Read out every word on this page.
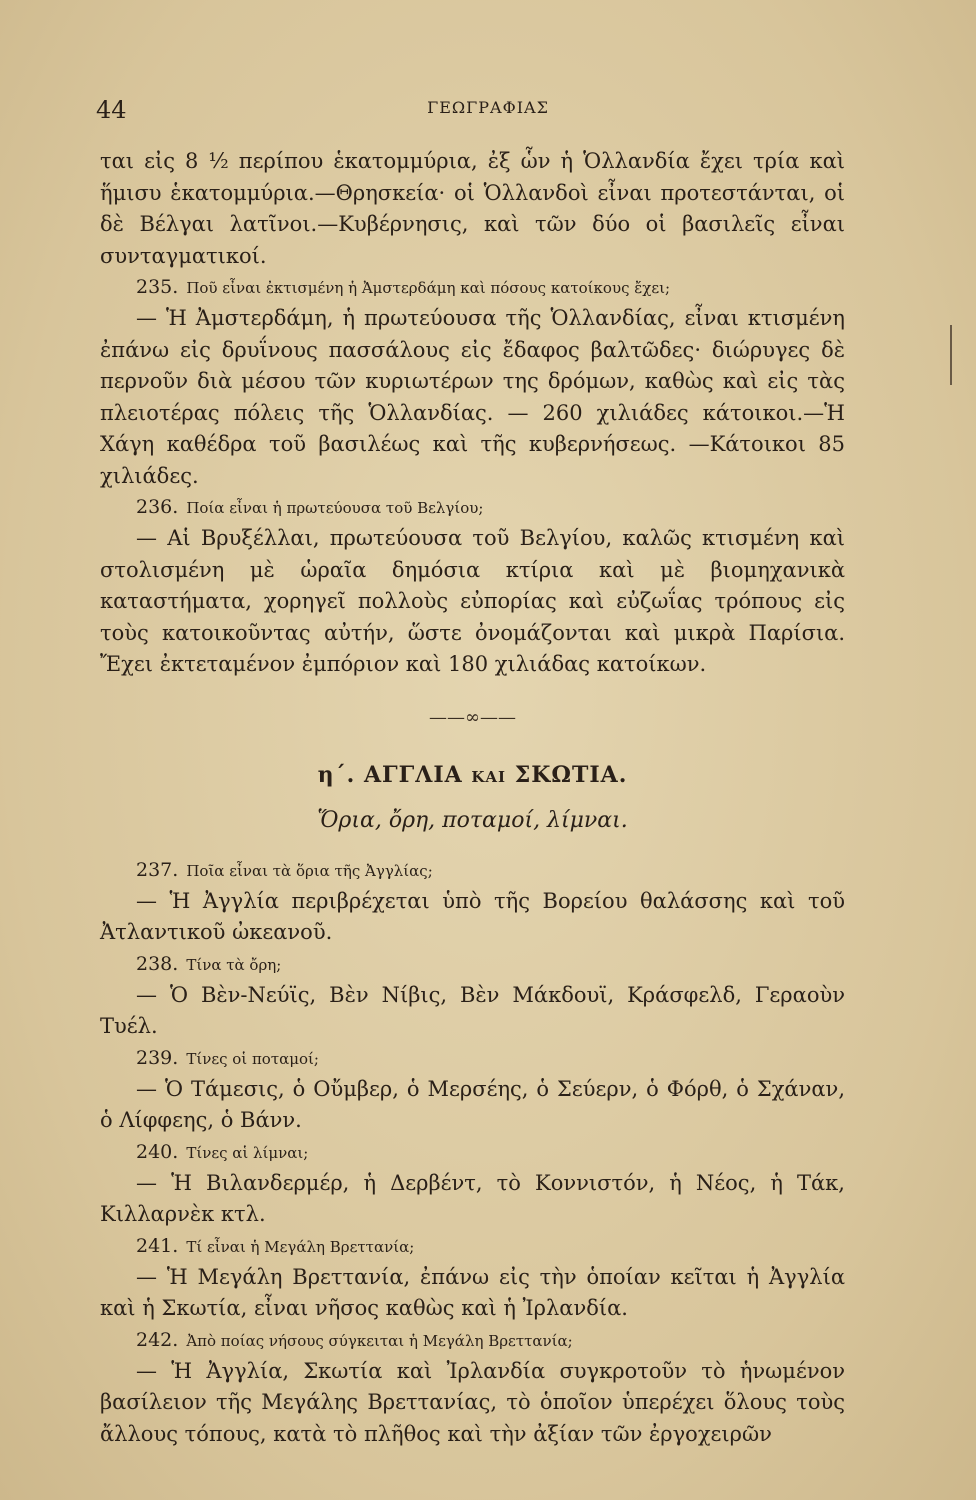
44	ΓΕΩΓΡΑΦΙΑΣ

ται εἰς 8 ½ περίπου ἑκατομμύρια, ἐξ ὧν ἡ Ὁλλανδία ἔχει τρία καὶ ἥμισυ ἑκατομμύρια.—Θρησκεία· οἱ Ὁλλανδοὶ εἶναι προτεστάνται, οἱ δὲ Βέλγαι λατῖνοι.—Κυβέρνησις, καὶ τῶν δύο οἱ βασιλεῖς εἶναι συνταγματικοί.

235. Ποῦ εἶναι ἐκτισμένη ἡ Ἀμστερδάμη καὶ πόσους κατοίκους ἔχει;

— Ἡ Ἀμστερδάμη, ἡ πρωτεύουσα τῆς Ὁλλανδίας, εἶναι κτισμένη ἐπάνω εἰς δρυΐνους πασσάλους εἰς ἔδαφος βαλτῶδες· διώρυγες δὲ περνοῦν διὰ μέσου τῶν κυριωτέρων της δρόμων, καθὼς καὶ εἰς τὰς πλειοτέρας πόλεις τῆς Ὁλλανδίας. — 260 χιλιάδες κάτοικοι.—Ἡ Χάγη καθέδρα τοῦ βασιλέως καὶ τῆς κυβερνήσεως. —Κάτοικοι 85 χιλιάδες.

236. Ποία εἶναι ἡ πρωτεύουσα τοῦ Βελγίου;

— Αἱ Βρυξέλλαι, πρωτεύουσα τοῦ Βελγίου, καλῶς κτισμένη καὶ στολισμένη μὲ ὡραῖα δημόσια κτίρια καὶ μὲ βιομηχανικὰ καταστήματα, χορηγεῖ πολλοὺς εὐπορίας καὶ εὐζωΐας τρόπους εἰς τοὺς κατοικοῦντας αὐτήν, ὥστε ὀνομάζονται καὶ μικρὰ Παρίσια. Ἔχει ἐκτεταμένον ἐμπόριον καὶ 180 χιλιάδας κατοίκων.

——∞——
η΄. ΑΓΓΛΙΑ ΚΑΙ ΣΚΩΤΙΑ.
Ὅρια, ὄρη, ποταμοί, λίμναι.

237. Ποῖα εἶναι τὰ ὅρια τῆς Ἀγγλίας;

— Ἡ Ἀγγλία περιβρέχεται ὑπὸ τῆς Βορείου θαλάσσης καὶ τοῦ Ἀτλαντικοῦ ὠκεανοῦ.

238. Τίνα τὰ ὄρη;

— Ὁ Βὲν-Νεύϊς, Βὲν Νίβις, Βὲν Μάκδουϊ, Κράσφελδ, Γεραοὺν Τυέλ.

239. Τίνες οἱ ποταμοί;

— Ὁ Τάμεσις, ὁ Οὔμβερ, ὁ Μερσέης, ὁ Σεύερν, ὁ Φόρθ, ὁ Σχάναν, ὁ Λίφφεης, ὁ Βάνν.

240. Τίνες αἱ λίμναι;

— Ἡ Βιλανδερμέρ, ἡ Δερβέντ, τὸ Κοννιστόν, ἡ Νέος, ἡ Τάκ, Κιλλαρνὲκ κτλ.

241. Τί εἶναι ἡ Μεγάλη Βρεττανία;

— Ἡ Μεγάλη Βρεττανία, ἐπάνω εἰς τὴν ὁποίαν κεῖται ἡ Ἀγγλία καὶ ἡ Σκωτία, εἶναι νῆσος καθὼς καὶ ἡ Ἰρλανδία.

242. Ἀπὸ ποίας νήσους σύγκειται ἡ Μεγάλη Βρεττανία;

— Ἡ Ἀγγλία, Σκωτία καὶ Ἰρλανδία συγκροτοῦν τὸ ἡνωμένον βασίλειον τῆς Μεγάλης Βρεττανίας, τὸ ὁποῖον ὑπερέχει ὅλους τοὺς ἄλλους τόπους, κατὰ τὸ πλῆθος καὶ τὴν ἀξίαν τῶν ἐργοχειρῶν
